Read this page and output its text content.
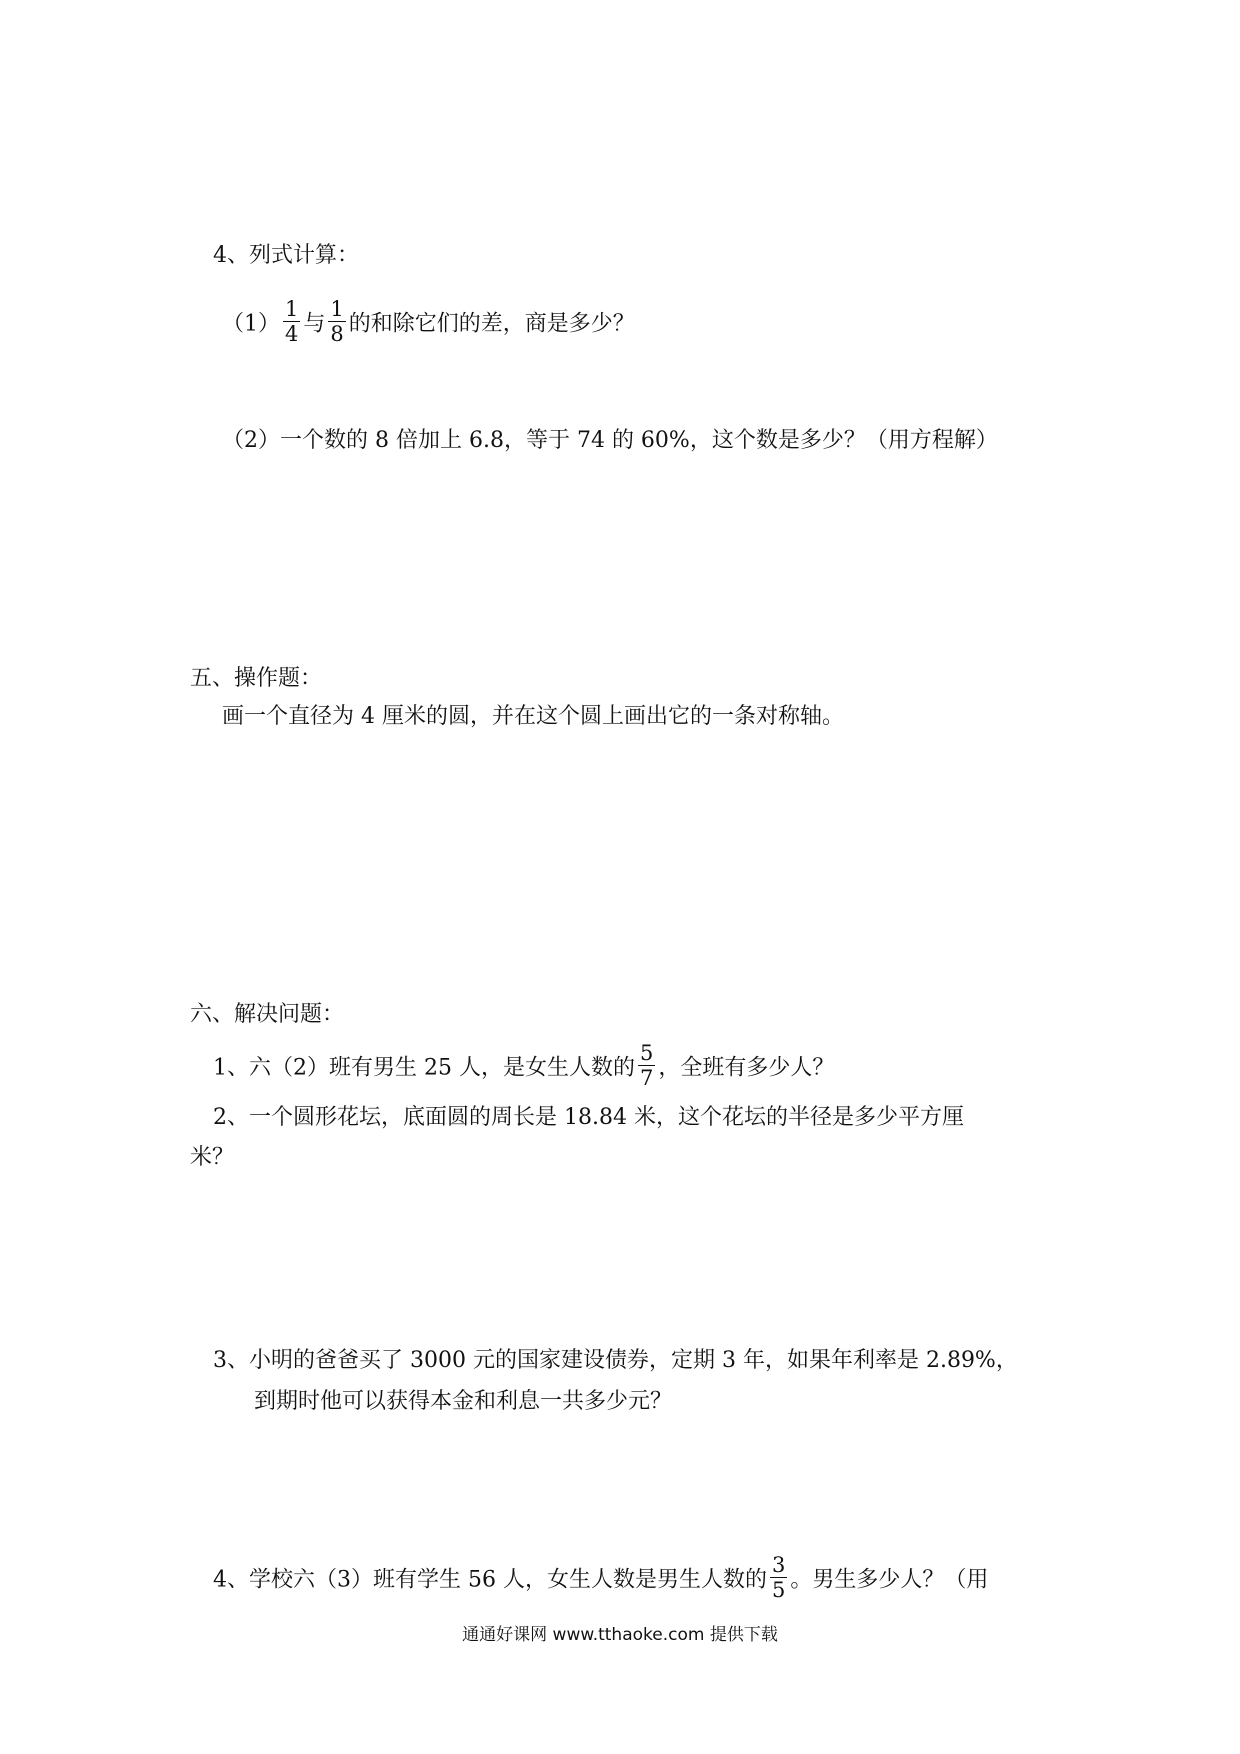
4、列式计算：
$(1) \frac{1}{4}$ 与 $\frac{1}{8}$ 的和除它们的差，商是多少？
（2）一个数的 8 倍加上 6.8，等于 74 的 60%，这个数是多少？（用方程解）
五、操作题：
画一个直径为 4 厘米的圆，并在这个圆上画出它的一条对称轴。
六、解决问题：
1、六（2）班有男生 25 人，是女生人数的 $\frac{5}{7}$ ，全班有多少人？
2、一个圆形花坛，底面圆的周长是 18.84 米，这个花坛的半径是多少平方厘
米？
3、小明的爸爸买了 3000 元的国家建设债券，定期 3 年，如果年利率是 2.89%，
到期时他可以获得本金和利息一共多少元？
4、学校六（3）班有学生 56 人，女生人数是男生人数的 $\frac{3}{5}$ 。男生多少人？（用
通通好课网 www.tthaoke.com 提供下载
